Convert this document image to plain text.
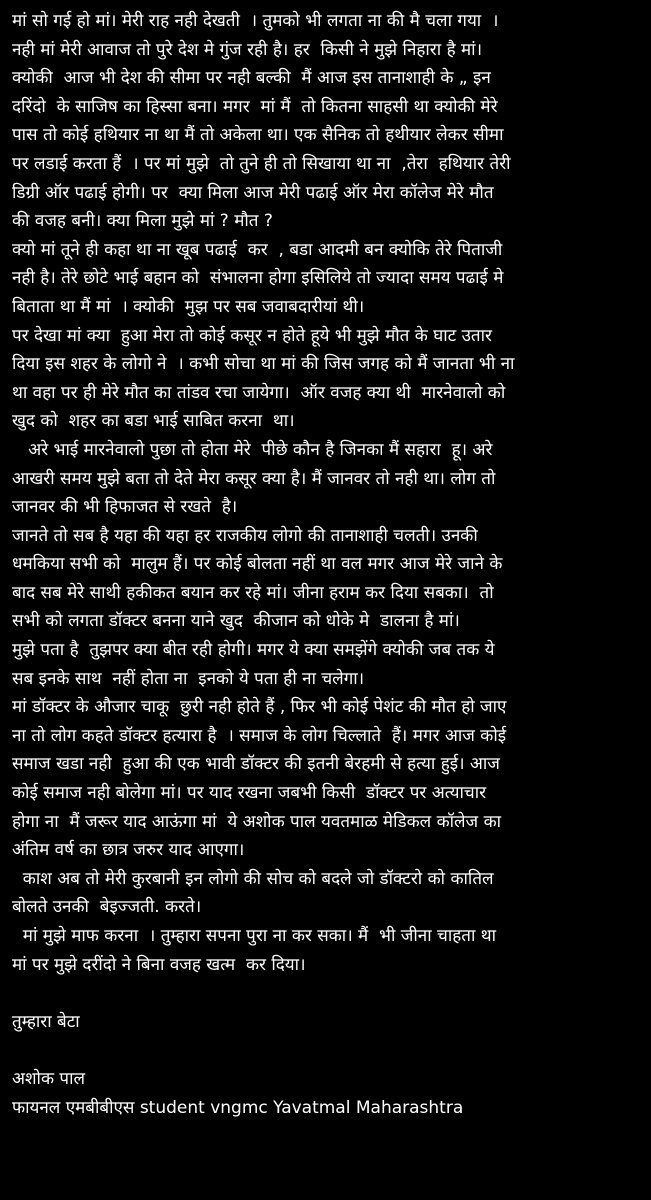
मां सो गई हो मां। मेरी राह नही देखती  । तुमको भी लगता ना की मै चला गया  ।
नही मां मेरी आवाज तो पुरे देश मे गुंज रही है। हर  किसी ने मुझे निहारा है मां।
क्योकी  आज भी देश की सीमा पर नही बल्की  मैं आज इस तानाशाही के „ इन
दरिंदो  के साजिष का हिस्सा बना। मगर  मां मैं  तो कितना साहसी था क्योकी मेरे
पास तो कोई हथियार ना था मैं तो अकेला था। एक सैनिक तो हथीयार लेकर सीमा
पर लडाई करता हैं  । पर मां मुझे  तो तुने ही तो सिखाया था ना  ,तेरा  हथियार तेरी
डिग्री ऑर पढाई होगी। पर  क्या मिला आज मेरी पढाई ऑर मेरा कॉलेज मेरे मौत
की वजह बनी। क्या मिला मुझे मां ? मौत ?
क्यो मां तूने ही कहा था ना खूब पढाई  कर  , बडा आदमी बन क्योकि तेरे पिताजी
नही है। तेरे छोटे भाई बहान को  संभालना होगा इसिलिये तो ज्यादा समय पढाई मे
बिताता था मैं मां  । क्योकी  मुझ पर सब जवाबदारीयां थी।
पर देखा मां क्या  हुआ मेरा तो कोई कसूर न होते हूये भी मुझे मौत के घाट उतार
दिया इस शहर के लोगो ने  । कभी सोचा था मां की जिस जगह को मैं जानता भी ना
था वहा पर ही मेरे मौत का तांडव रचा जायेगा।  ऑर वजह क्या थी  मारनेवालो को
खुद को  शहर का बडा भाई साबित करना  था।
अरे भाई मारनेवालो पुछा तो होता मेरे  पीछे कौन है जिनका मैं सहारा  हू। अरे
आखरी समय मुझे बता तो देते मेरा कसूर क्या है। मैं जानवर तो नही था। लोग तो
जानवर की भी हिफाजत से रखते  है।
जानते तो सब है यहा की यहा हर राजकीय लोगो की तानाशाही चलती। उनकी
धमकिया सभी को  मालुम हैं। पर कोई बोलता नहीं था वल मगर आज मेरे जाने के
बाद सब मेरे साथी हकीकत बयान कर रहे मां। जीना हराम कर दिया सबका।  तो
सभी को लगता डॉक्टर बनना याने खुद  कीजान को धोके मे  डालना है मां।
मुझे पता है  तुझपर क्या बीत रही होगी। मगर ये क्या समझेंगे क्योकी जब तक ये
सब इनके साथ  नहीं होता ना  इनको ये पता ही ना चलेगा।
मां डॉक्टर के औजार चाकू  छुरी नही होते हैं , फिर भी कोई पेशंट की मौत हो जाए
ना तो लोग कहते डॉक्टर हत्यारा है  । समाज के लोग चिल्लाते  हैं। मगर आज कोई
समाज खडा नही  हुआ की एक भावी डॉक्टर की इतनी बेरहमी से हत्या हुई। आज
कोई समाज नही बोलेगा मां। पर याद रखना जबभी किसी  डॉक्टर पर अत्याचार
होगा ना  मैं जरूर याद आऊंगा मां  ये अशोक पाल यवतमाळ मेडिकल कॉलेज का
अंतिम वर्ष का छात्र जरुर याद आएगा।
काश अब तो मेरी कुरबानी इन लोगो की सोच को बदले जो डॉक्टरो को कातिल
बोलते उनकी  बेइज्जती. करते।
मां मुझे माफ करना  । तुम्हारा सपना पुरा ना कर सका। मैं  भी जीना चाहता था
मां पर मुझे दरींदो ने बिना वजह खत्म  कर दिया।
तुम्हारा बेटा
अशोक पाल
फायनल एमबीबीएस student vngmc Yavatmal Maharashtra
